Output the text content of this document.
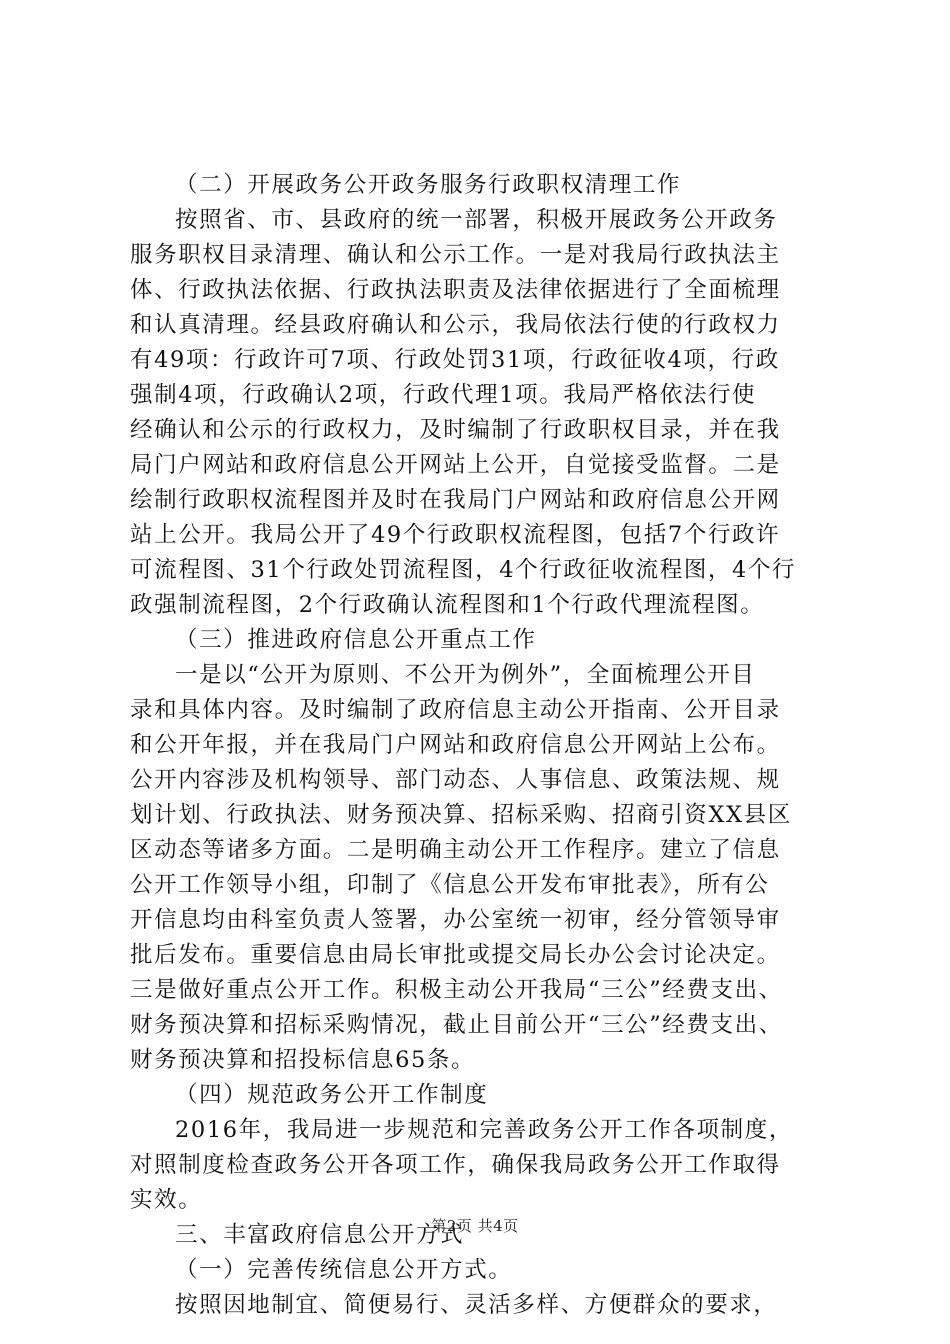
（二）开展政务公开政务服务行政职权清理工作
按照省、市、县政府的统一部署，积极开展政务公开政务
服务职权目录清理、确认和公示工作。一是对我局行政执法主
体、行政执法依据、行政执法职责及法律依据进行了全面梳理
和认真清理。经县政府确认和公示，我局依法行使的行政权力
有49项：行政许可7项、行政处罚31项，行政征收4项，行政
强制4项，行政确认2项，行政代理1项。我局严格依法行使
经确认和公示的行政权力，及时编制了行政职权目录，并在我
局门户网站和政府信息公开网站上公开，自觉接受监督。二是
绘制行政职权流程图并及时在我局门户网站和政府信息公开网
站上公开。我局公开了49个行政职权流程图，包括7个行政许
可流程图、31个行政处罚流程图，4个行政征收流程图，4个行
政强制流程图，2个行政确认流程图和1个行政代理流程图。
（三）推进政府信息公开重点工作
一是以“公开为原则、不公开为例外”，全面梳理公开目
录和具体内容。及时编制了政府信息主动公开指南、公开目录
和公开年报，并在我局门户网站和政府信息公开网站上公布。
公开内容涉及机构领导、部门动态、人事信息、政策法规、规
划计划、行政执法、财务预决算、招标采购、招商引资XX县区
区动态等诸多方面。二是明确主动公开工作程序。建立了信息
公开工作领导小组，印制了《信息公开发布审批表》，所有公
开信息均由科室负责人签署，办公室统一初审，经分管领导审
批后发布。重要信息由局长审批或提交局长办公会讨论决定。
三是做好重点公开工作。积极主动公开我局“三公”经费支出、
财务预决算和招标采购情况，截止目前公开“三公”经费支出、
财务预决算和招投标信息65条。
（四）规范政务公开工作制度
2016年，我局进一步规范和完善政务公开工作各项制度，
对照制度检查政务公开各项工作，确保我局政务公开工作取得
实效。
三、丰富政府信息公开方式
（一）完善传统信息公开方式。
按照因地制宜、简便易行、灵活多样、方便群众的要求，
第2页 共4页
